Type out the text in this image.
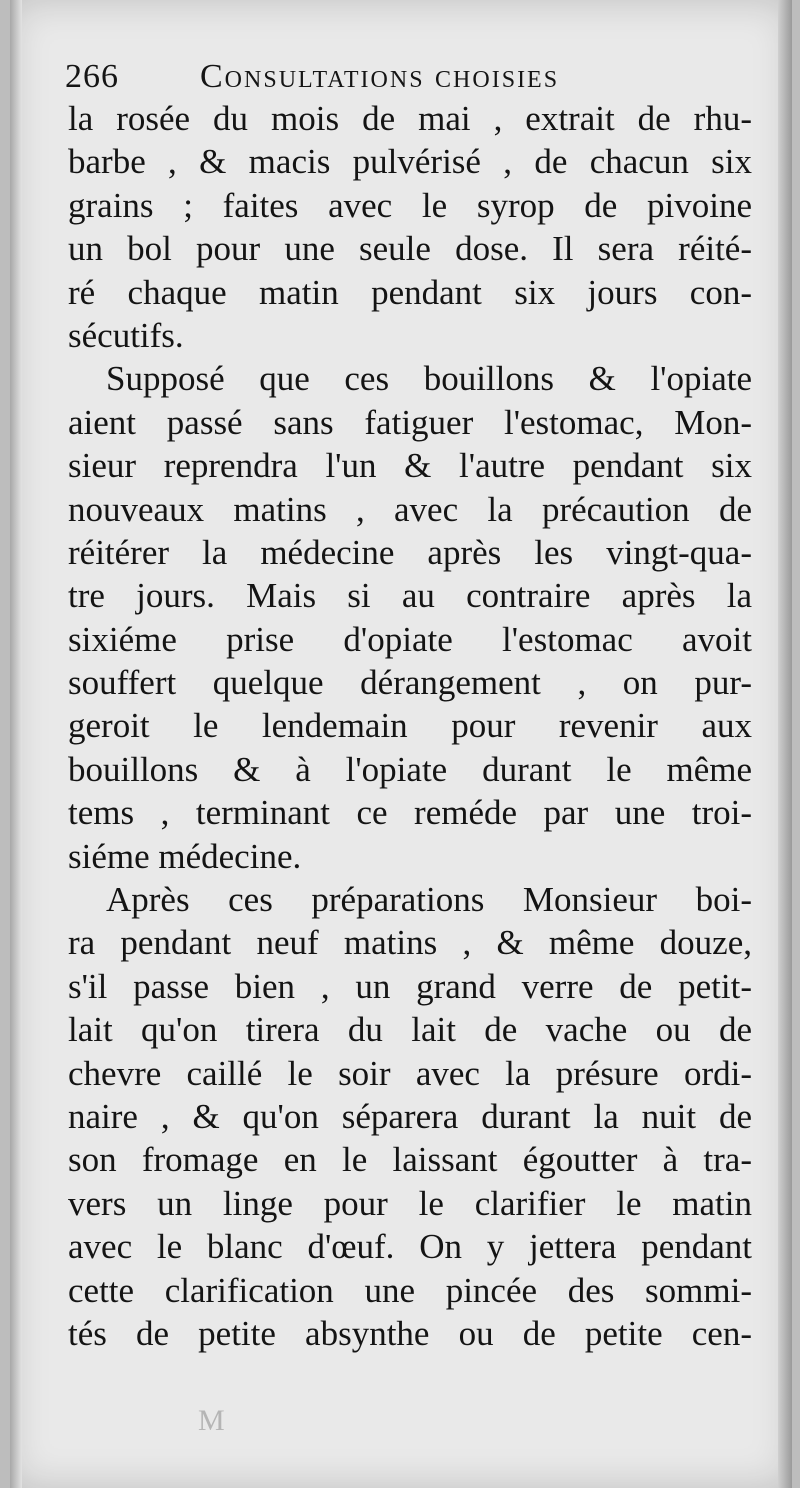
266 Consultations choisies
la rosée du mois de mai , extrait de rhu-
barbe , & macis pulvérisé , de chacun six
grains ; faites avec le syrop de pivoine
un bol pour une seule dose. Il sera réité-
ré chaque matin pendant six jours con-
sécutifs.
Supposé que ces bouillons & l'opiate
aient passé sans fatiguer l'estomac, Mon-
sieur reprendra l'un & l'autre pendant six
nouveaux matins , avec la précaution de
réitérer la médecine après les vingt-qua-
tre jours. Mais si au contraire après la
sixiéme prise d'opiate l'estomac avoit
souffert quelque dérangement , on pur-
geroit le lendemain pour revenir aux
bouillons & à l'opiate durant le même
tems , terminant ce reméde par une troi-
siéme médecine.
Après ces préparations Monsieur boi-
ra pendant neuf matins , & même douze,
s'il passe bien , un grand verre de petit-
lait qu'on tirera du lait de vache ou de
chevre caillé le soir avec la présure ordi-
naire , & qu'on séparera durant la nuit de
son fromage en le laissant égoutter à tra-
vers un linge pour le clarifier le matin
avec le blanc d'œuf. On y jettera pendant
cette clarification une pincée des sommi-
tés de petite absynthe ou de petite cen-
M
